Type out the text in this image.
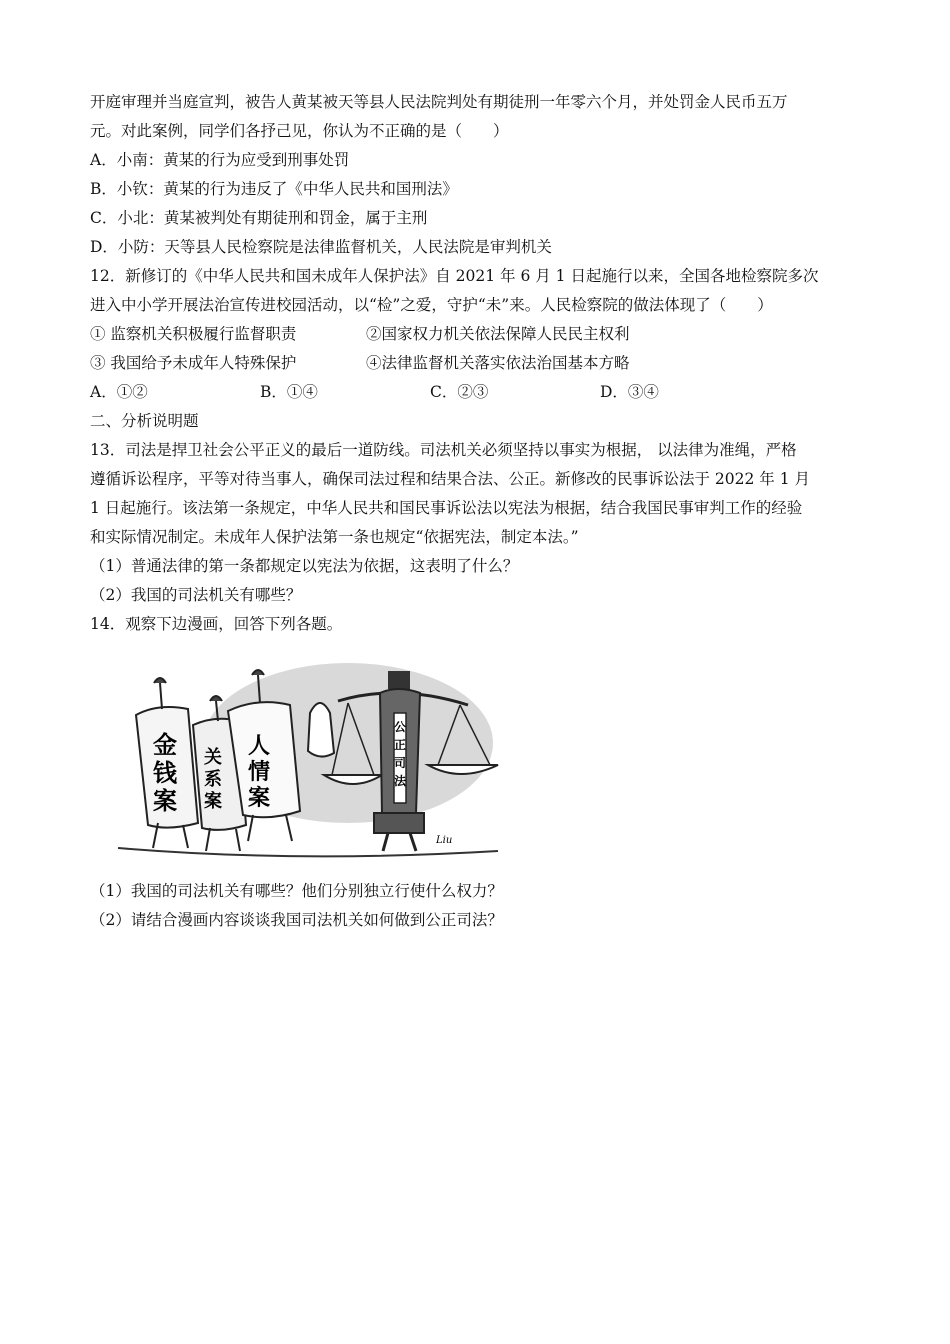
开庭审理并当庭宣判，被告人黄某被天等县人民法院判处有期徒刑一年零六个月，并处罚金人民币五万
元。对此案例，同学们各抒己见，你认为不正确的是（　　）
A．小南：黄某的行为应受到刑事处罚
B．小钦：黄某的行为违反了《中华人民共和国刑法》
C．小北：黄某被判处有期徒刑和罚金，属于主刑
D．小防：天等县人民检察院是法律监督机关，人民法院是审判机关
12．新修订的《中华人民共和国未成年人保护法》自 2021 年 6 月 1 日起施行以来，全国各地检察院多次
进入中小学开展法治宣传进校园活动，以“检”之爱，守护“未”来。人民检察院的做法体现了（　　）
① 监察机关积极履行监督职责	②国家权力机关依法保障人民民主权利
③ 我国给予未成年人特殊保护	④法律监督机关落实依法治国基本方略
A．①②	B．①④	C．②③	D．③④
二、分析说明题
13．司法是捍卫社会公平正义的最后一道防线。司法机关必须坚持以事实为根据， 以法律为准绳，严格
遵循诉讼程序，平等对待当事人，确保司法过程和结果合法、公正。新修改的民事诉讼法于 2022 年 1 月
1 日起施行。该法第一条规定，中华人民共和国民事诉讼法以宪法为根据，结合我国民事审判工作的经验
和实际情况制定。未成年人保护法第一条也规定“依据宪法，制定本法。”
（1）普通法律的第一条都规定以宪法为依据，这表明了什么？
（2）我国的司法机关有哪些？
14．观察下边漫画，回答下列各题。
金钱案
关系案
人情案
公正司法
Liu
（1）我国的司法机关有哪些？他们分别独立行使什么权力？
（2）请结合漫画内容谈谈我国司法机关如何做到公正司法？
